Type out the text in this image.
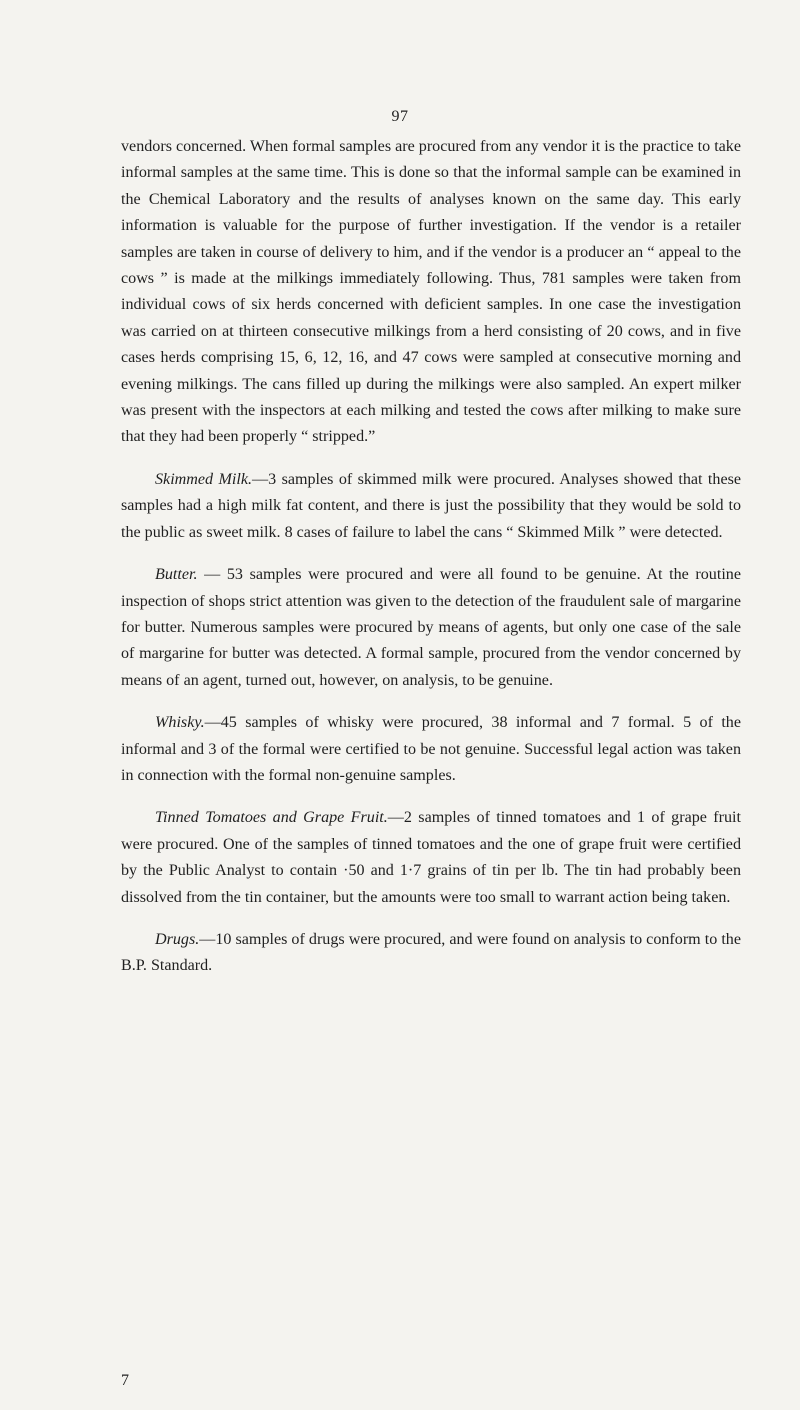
97

vendors concerned. When formal samples are procured from any vendor it is the practice to take informal samples at the same time. This is done so that the informal sample can be examined in the Chemical Laboratory and the results of analyses known on the same day. This early information is valuable for the purpose of further investigation. If the vendor is a retailer samples are taken in course of delivery to him, and if the vendor is a producer an “ appeal to the cows ” is made at the milkings immediately following. Thus, 781 samples were taken from individual cows of six herds concerned with deficient samples. In one case the investigation was carried on at thirteen consecutive milkings from a herd consisting of 20 cows, and in five cases herds comprising 15, 6, 12, 16, and 47 cows were sampled at consecutive morning and evening milkings. The cans filled up during the milkings were also sampled. An expert milker was present with the inspectors at each milking and tested the cows after milking to make sure that they had been properly “ stripped.”

Skimmed Milk.—3 samples of skimmed milk were procured. Analyses showed that these samples had a high milk fat content, and there is just the possibility that they would be sold to the public as sweet milk. 8 cases of failure to label the cans “ Skimmed Milk ” were detected.

Butter. — 53 samples were procured and were all found to be genuine. At the routine inspection of shops strict attention was given to the detection of the fraudulent sale of margarine for butter. Numerous samples were procured by means of agents, but only one case of the sale of margarine for butter was detected. A formal sample, procured from the vendor concerned by means of an agent, turned out, however, on analysis, to be genuine.

Whisky.—45 samples of whisky were procured, 38 informal and 7 formal. 5 of the informal and 3 of the formal were certified to be not genuine. Successful legal action was taken in connection with the formal non-genuine samples.

Tinned Tomatoes and Grape Fruit.—2 samples of tinned tomatoes and 1 of grape fruit were procured. One of the samples of tinned tomatoes and the one of grape fruit were certified by the Public Analyst to contain ·50 and 1·7 grains of tin per lb. The tin had probably been dissolved from the tin container, but the amounts were too small to warrant action being taken.

Drugs.—10 samples of drugs were procured, and were found on analysis to conform to the B.P. Standard.

7
